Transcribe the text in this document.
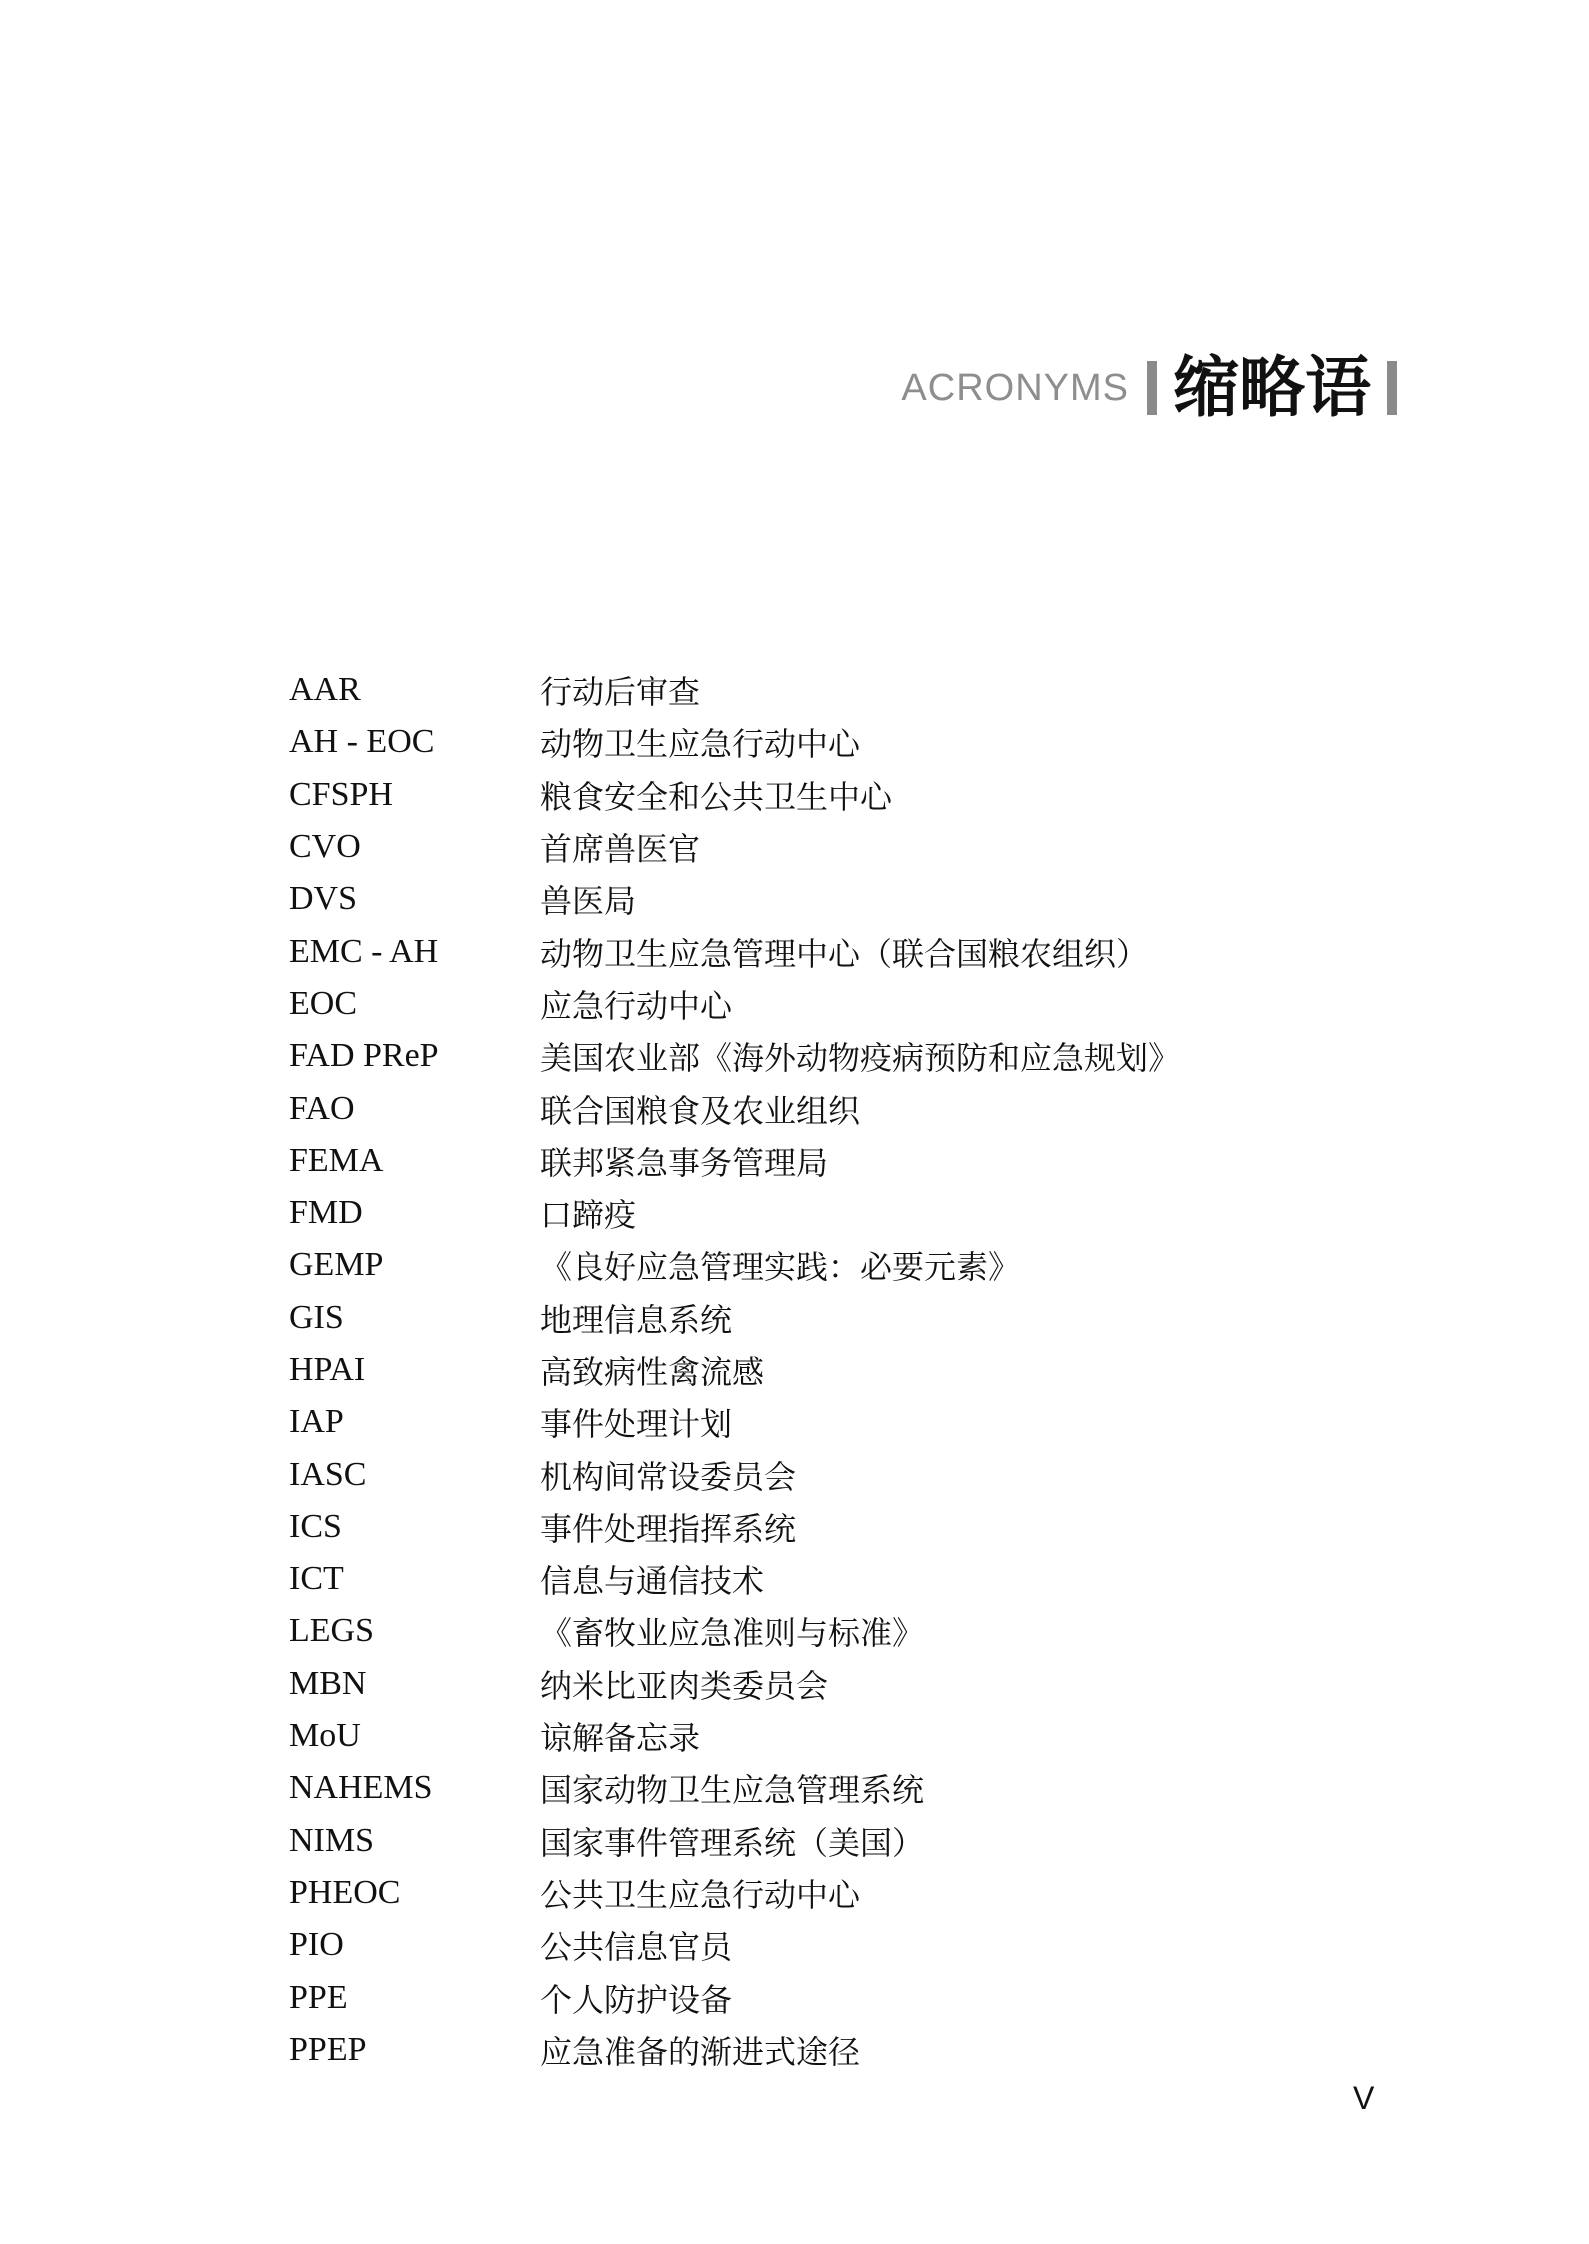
ACRONYMS 缩略语
AAR	行动后审查
AH - EOC	动物卫生应急行动中心
CFSPH	粮食安全和公共卫生中心
CVO	首席兽医官
DVS	兽医局
EMC - AH	动物卫生应急管理中心（联合国粮农组织）
EOC	应急行动中心
FAD PReP	美国农业部《海外动物疫病预防和应急规划》
FAO	联合国粮食及农业组织
FEMA	联邦紧急事务管理局
FMD	口蹄疫
GEMP	《良好应急管理实践：必要元素》
GIS	地理信息系统
HPAI	高致病性禽流感
IAP	事件处理计划
IASC	机构间常设委员会
ICS	事件处理指挥系统
ICT	信息与通信技术
LEGS	《畜牧业应急准则与标准》
MBN	纳米比亚肉类委员会
MoU	谅解备忘录
NAHEMS	国家动物卫生应急管理系统
NIMS	国家事件管理系统（美国）
PHEOC	公共卫生应急行动中心
PIO	公共信息官员
PPE	个人防护设备
PPEP	应急准备的渐进式途径
V
